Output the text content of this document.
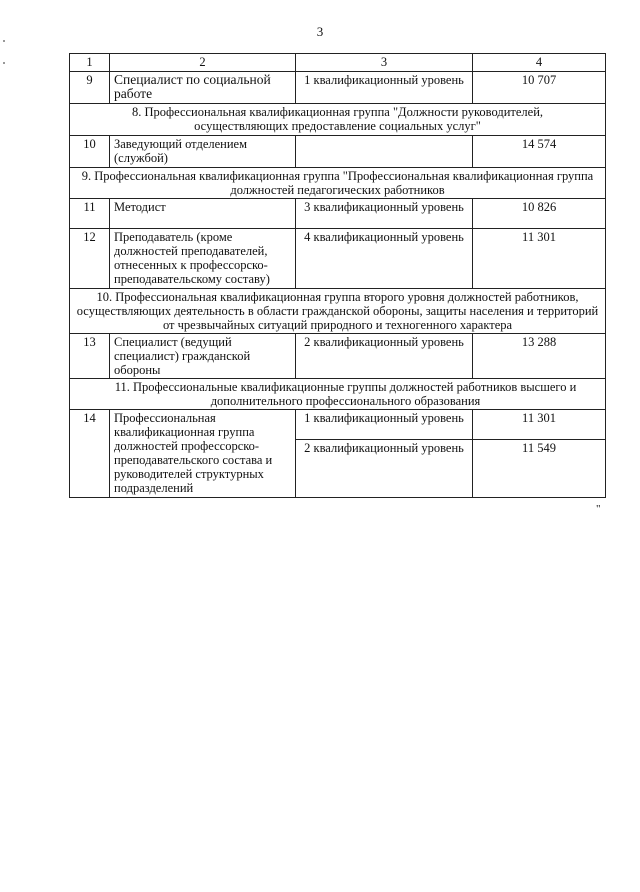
3
1	2	3	4
9	Специалист по социальной работе	1 квалификационный уровень	10 707
8. Профессиональная квалификационная группа "Должности руководителей, осуществляющих предоставление социальных услуг"			
10	Заведующий отделением (службой)		14 574
9. Профессиональная квалификационная группа "Профессиональная квалификационная группа должностей педагогических работников			
11	Методист	3 квалификационный уровень	10 826
12	Преподаватель (кроме должностей преподавателей, отнесенных к профессорско-преподавательскому составу)	4 квалификационный уровень	11 301
10. Профессиональная квалификационная группа второго уровня должностей работников, осуществляющих деятельность в области гражданской обороны, защиты населения и территорий от чрезвычайных ситуаций природного и техногенного характера			
13	Специалист (ведущий специалист) гражданской обороны	2 квалификационный уровень	13 288
11. Профессиональные квалификационные группы должностей работников высшего и дополнительного профессионального образования			
14	Профессиональная квалификационная группа должностей профессорско-преподавательского состава и руководителей структурных подразделений	1 квалификационный уровень	11 301
		2 квалификационный уровень	11 549
"
